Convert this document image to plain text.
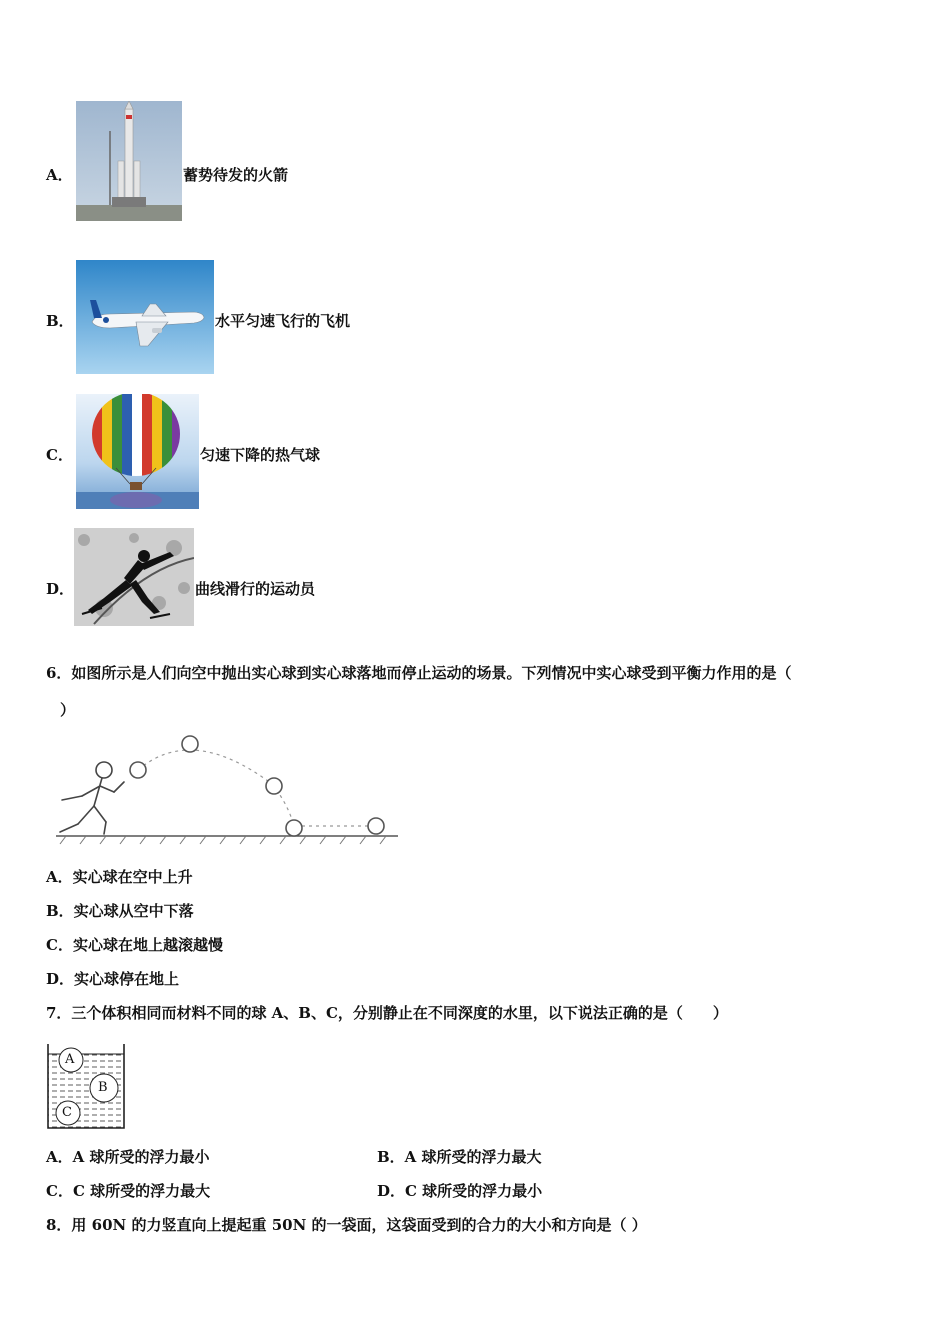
A．	蓄势待发的火箭
B．	水平匀速飞行的飞机
C．	匀速下降的热气球
D．	曲线滑行的运动员
6．如图所示是人们向空中抛出实心球到实心球落地而停止运动的场景。下列情况中实心球受到平衡力作用的是（
）
A．实心球在空中上升
B．实心球从空中下落
C．实心球在地上越滚越慢
D．实心球停在地上
7．三个体积相同而材料不同的球 A、B、C，分别静止在不同深度的水里，以下说法正确的是（　　）
A
B
C
A．A 球所受的浮力最小	B．A 球所受的浮力最大
C．C 球所受的浮力最大	D．C 球所受的浮力最小
8．用 60N 的力竖直向上提起重 50N 的一袋面，这袋面受到的合力的大小和方向是（ ）
